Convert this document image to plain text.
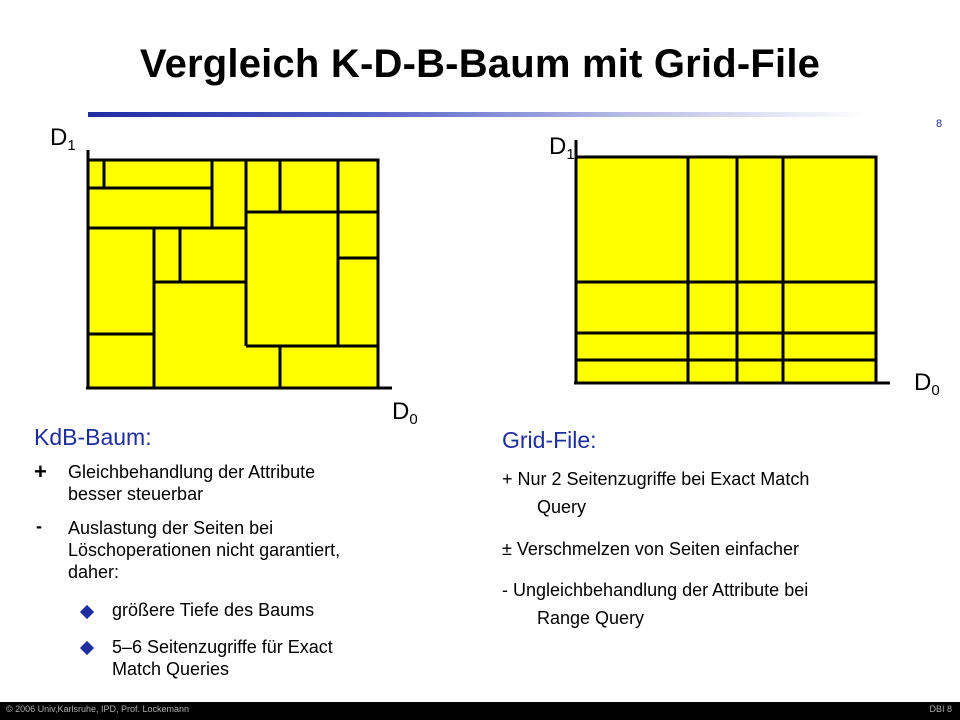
Vergleich K-D-B-Baum mit Grid-File
8
$D_1$
$D_0$
$D_1$
$D_0$
KdB-Baum:
+ Gleichbehandlung der Attribute
besser steuerbar
- Auslastung der Seiten bei
Löschoperationen nicht garantiert,
daher:
größere Tiefe des Baums
5–6 Seitenzugriffe für Exact
Match Queries
Grid-File:
+ Nur 2 Seitenzugriffe bei Exact Match
Query
± Verschmelzen von Seiten einfacher
- Ungleichbehandlung der Attribute bei
Range Query
© 2006 Univ,Karlsruhe, IPD, Prof. Lockemann	DBI 8
